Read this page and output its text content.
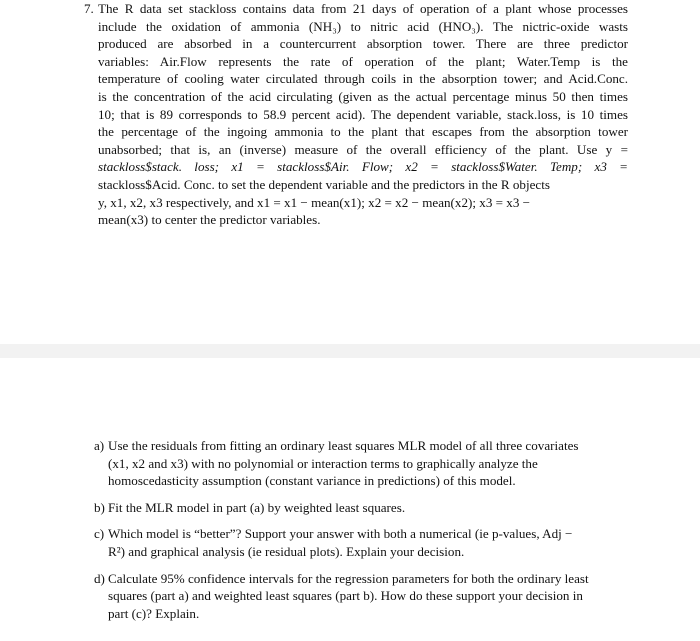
7. The R data set stackloss contains data from 21 days of operation of a plant whose processes
include the oxidation of ammonia (NH₃) to nitric acid (HNO₃). The nictric-oxide wasts
produced are absorbed in a countercurrent absorption tower. There are three predictor
variables: Air.Flow represents the rate of operation of the plant; Water.Temp is the
temperature of cooling water circulated through coils in the absorption tower; and Acid.Conc.
is the concentration of the acid circulating (given as the actual percentage minus 50 then times
10; that is 89 corresponds to 58.9 percent acid). The dependent variable, stack.loss, is 10 times
the percentage of the ingoing ammonia to the plant that escapes from the absorption tower
unabsorbed; that is, an (inverse) measure of the overall efficiency of the plant. Use y =
stackloss$stack. loss; x1 = stackloss$Air. Flow; x2 = stackloss$Water. Temp; x3 =
stackloss$Acid. Conc. to set the dependent variable and the predictors in the R objects
y, x1, x2, x3 respectively, and x1 = x1 − mean(x1); x2 = x2 − mean(x2); x3 = x3 −
mean(x3) to center the predictor variables.
a) Use the residuals from fitting an ordinary least squares MLR model of all three covariates
(x1, x2 and x3) with no polynomial or interaction terms to graphically analyze the
homoscedasticity assumption (constant variance in predictions) of this model.
b) Fit the MLR model in part (a) by weighted least squares.
c) Which model is “better”? Support your answer with both a numerical (ie p-values, Adj −
R²) and graphical analysis (ie residual plots). Explain your decision.
d) Calculate 95% confidence intervals for the regression parameters for both the ordinary least
squares (part a) and weighted least squares (part b). How do these support your decision in
part (c)? Explain.
